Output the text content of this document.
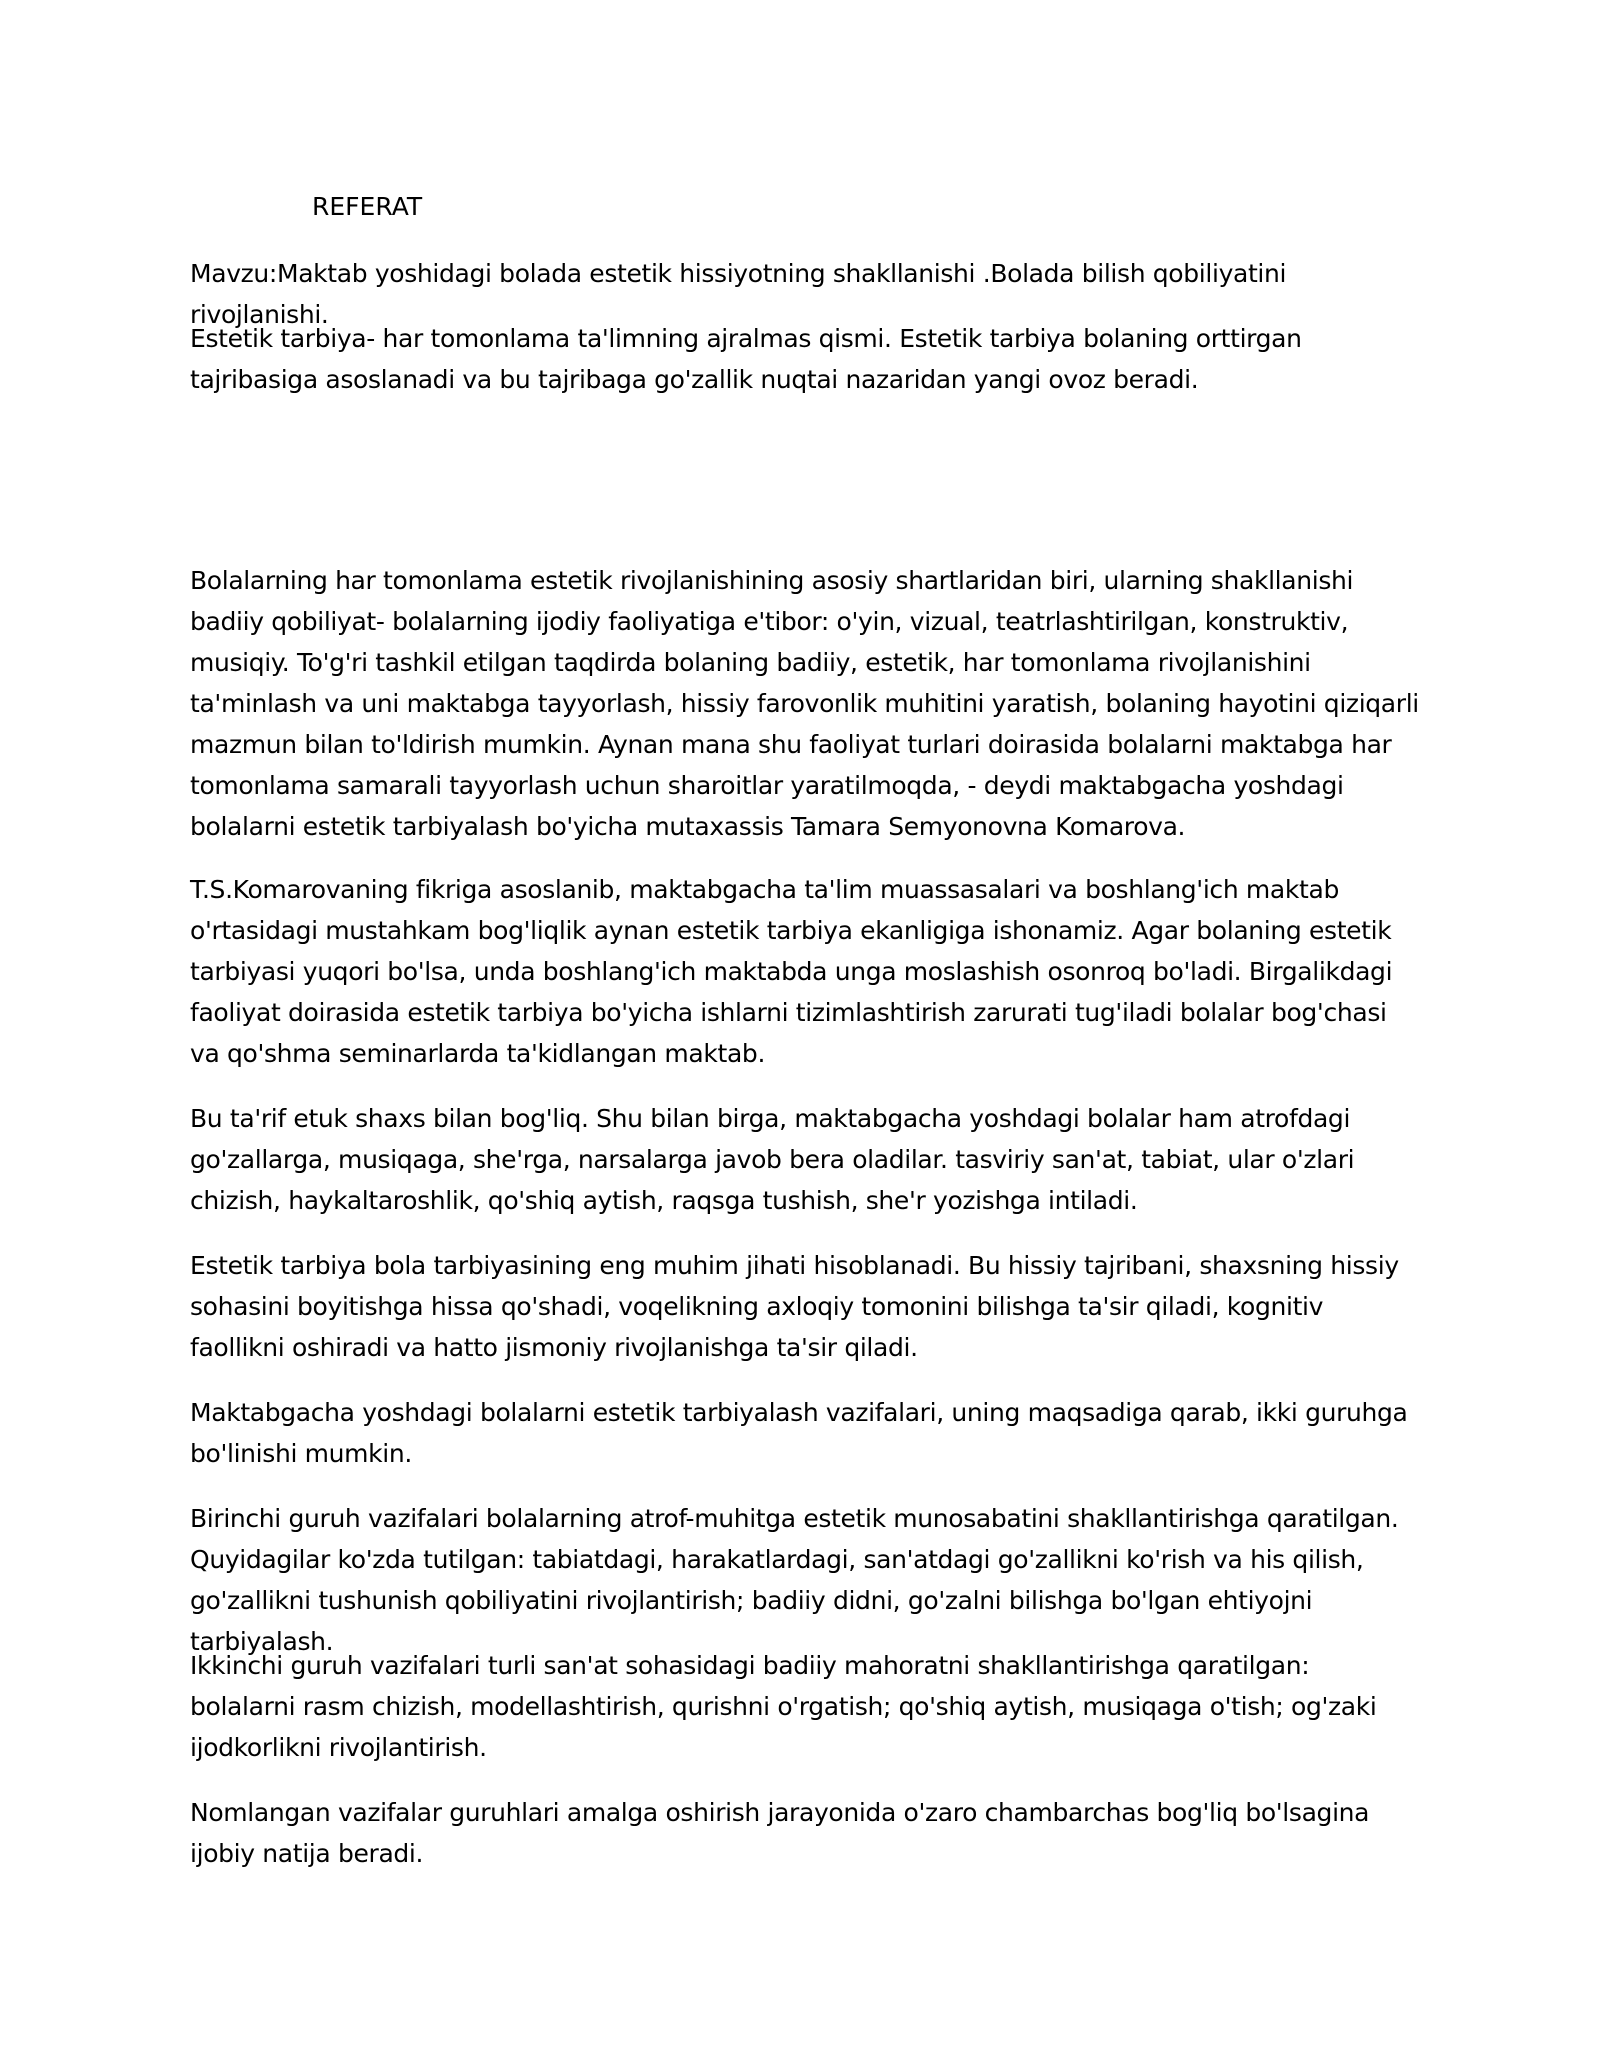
REFERAT

Mavzu:Maktab yoshidagi bolada estetik hissiyotning shakllanishi .Bolada bilish qobiliyatini rivojlanishi.

Estetik tarbiya- har tomonlama ta'limning ajralmas qismi. Estetik tarbiya bolaning orttirgan tajribasiga asoslanadi va bu tajribaga go'zallik nuqtai nazaridan yangi ovoz beradi.

Bolalarning har tomonlama estetik rivojlanishining asosiy shartlaridan biri, ularning shakllanishi badiiy qobiliyat- bolalarning ijodiy faoliyatiga e'tibor: o'yin, vizual, teatrlashtirilgan, konstruktiv, musiqiy. To'g'ri tashkil etilgan taqdirda bolaning badiiy, estetik, har tomonlama rivojlanishini ta'minlash va uni maktabga tayyorlash, hissiy farovonlik muhitini yaratish, bolaning hayotini qiziqarli mazmun bilan to'ldirish mumkin. Aynan mana shu faoliyat turlari doirasida bolalarni maktabga har tomonlama samarali tayyorlash uchun sharoitlar yaratilmoqda, - deydi maktabgacha yoshdagi bolalarni estetik tarbiyalash bo'yicha mutaxassis Tamara Semyonovna Komarova.

T.S.Komarovaning fikriga asoslanib, maktabgacha ta'lim muassasalari va boshlang'ich maktab o'rtasidagi mustahkam bog'liqlik aynan estetik tarbiya ekanligiga ishonamiz. Agar bolaning estetik tarbiyasi yuqori bo'lsa, unda boshlang'ich maktabda unga moslashish osonroq bo'ladi. Birgalikdagi faoliyat doirasida estetik tarbiya bo'yicha ishlarni tizimlashtirish zarurati tug'iladi bolalar bog'chasi va qo'shma seminarlarda ta'kidlangan maktab.

Bu ta'rif etuk shaxs bilan bog'liq. Shu bilan birga, maktabgacha yoshdagi bolalar ham atrofdagi go'zallarga, musiqaga, she'rga, narsalarga javob bera oladilar. tasviriy san'at, tabiat, ular o'zlari chizish, haykaltaroshlik, qo'shiq aytish, raqsga tushish, she'r yozishga intiladi.

Estetik tarbiya bola tarbiyasining eng muhim jihati hisoblanadi. Bu hissiy tajribani, shaxsning hissiy sohasini boyitishga hissa qo'shadi, voqelikning axloqiy tomonini bilishga ta'sir qiladi, kognitiv faollikni oshiradi va hatto jismoniy rivojlanishga ta'sir qiladi.

Maktabgacha yoshdagi bolalarni estetik tarbiyalash vazifalari, uning maqsadiga qarab, ikki guruhga bo'linishi mumkin.

Birinchi guruh vazifalari bolalarning atrof-muhitga estetik munosabatini shakllantirishga qaratilgan. Quyidagilar ko'zda tutilgan: tabiatdagi, harakatlardagi, san'atdagi go'zallikni ko'rish va his qilish, go'zallikni tushunish qobiliyatini rivojlantirish; badiiy didni, go'zalni bilishga bo'lgan ehtiyojni tarbiyalash.

Ikkinchi guruh vazifalari turli san'at sohasidagi badiiy mahoratni shakllantirishga qaratilgan: bolalarni rasm chizish, modellashtirish, qurishni o'rgatish; qo'shiq aytish, musiqaga o'tish; og'zaki ijodkorlikni rivojlantirish.

Nomlangan vazifalar guruhlari amalga oshirish jarayonida o'zaro chambarchas bog'liq bo'lsagina ijobiy natija beradi.
